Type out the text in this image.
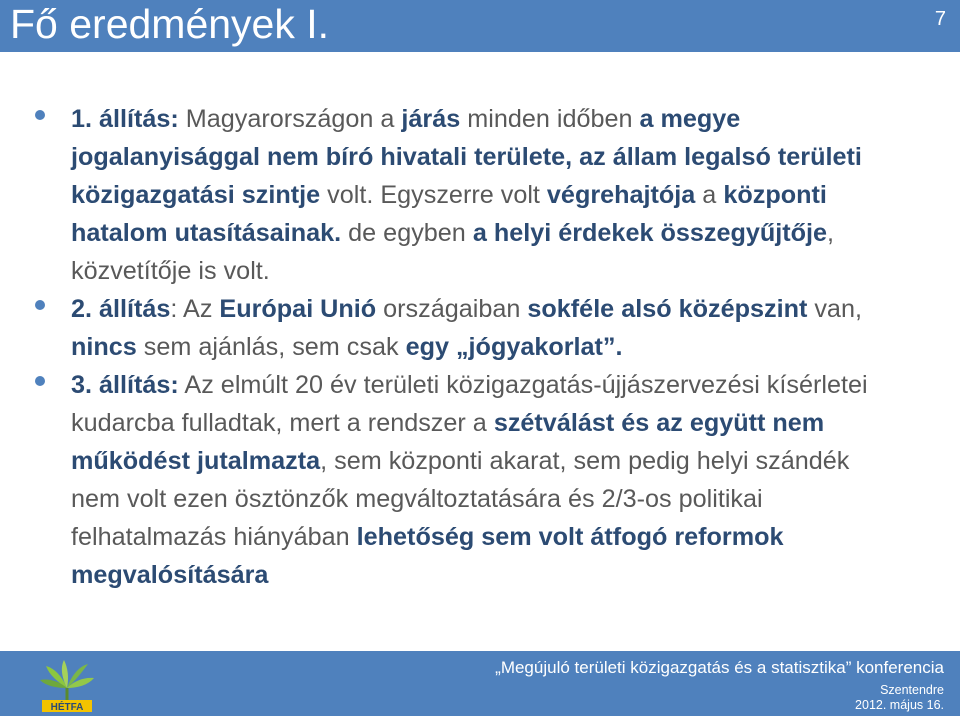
Fő eredmények I.	7
1. állítás: Magyarországon a járás minden időben a megye jogalanyisággal nem bíró hivatali területe, az állam legalsó területi közigazgatási szintje volt. Egyszerre volt végrehajtója a központi hatalom utasításainak. de egyben a helyi érdekek összegyűjtője, közvetítője is volt.
2. állítás: Az Európai Unió országaiban sokféle alsó középszint van, nincs sem ajánlás, sem csak egy „jógyakorlat”.
3. állítás: Az elmúlt 20 év területi közigazgatás-újjászervezési kísérletei kudarcba fulladtak, mert a rendszer a szétválást és az együtt nem működést jutalmazta, sem központi akarat, sem pedig helyi szándék nem volt ezen ösztönzők megváltoztatására és 2/3-os politikai felhatalmazás hiányában lehetőség sem volt átfogó reformok megvalósítására
HÉTFA
„Megújuló területi közigazgatás és a statisztika” konferencia
Szentendre
2012. május 16.
